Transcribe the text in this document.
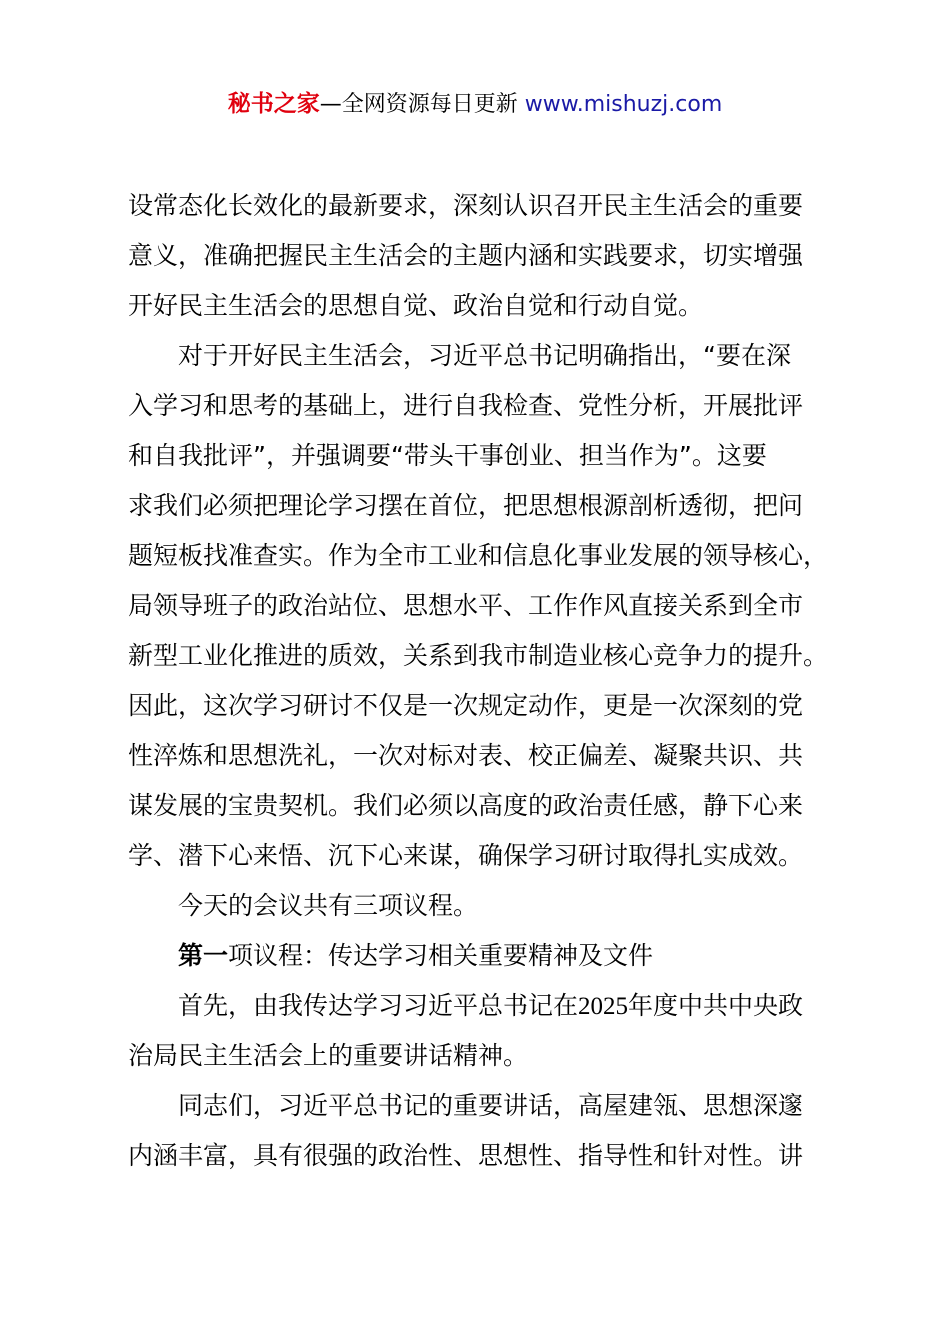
秘书之家—全网资源每日更新 www.mishuzj.com
设常态化长效化的最新要求，深刻认识召开民主生活会的重要
意义，准确把握民主生活会的主题内涵和实践要求，切实增强
开好民主生活会的思想自觉、政治自觉和行动自觉。
对于开好民主生活会，习近平总书记明确指出，“要在深
入学习和思考的基础上，进行自我检查、党性分析，开展批评
和自我批评”，并强调要“带头干事创业、担当作为”。这要
求我们必须把理论学习摆在首位，把思想根源剖析透彻，把问
题短板找准查实。作为全市工业和信息化事业发展的领导核心，
局领导班子的政治站位、思想水平、工作作风直接关系到全市
新型工业化推进的质效，关系到我市制造业核心竞争力的提升。
因此，这次学习研讨不仅是一次规定动作，更是一次深刻的党
性淬炼和思想洗礼，一次对标对表、校正偏差、凝聚共识、共
谋发展的宝贵契机。我们必须以高度的政治责任感，静下心来
学、潜下心来悟、沉下心来谋，确保学习研讨取得扎实成效。
今天的会议共有三项议程。
第一项议程：传达学习相关重要精神及文件
首先，由我传达学习习近平总书记在2025年度中共中央政
治局民主生活会上的重要讲话精神。
同志们，习近平总书记的重要讲话，高屋建瓴、思想深邃
内涵丰富，具有很强的政治性、思想性、指导性和针对性。讲
